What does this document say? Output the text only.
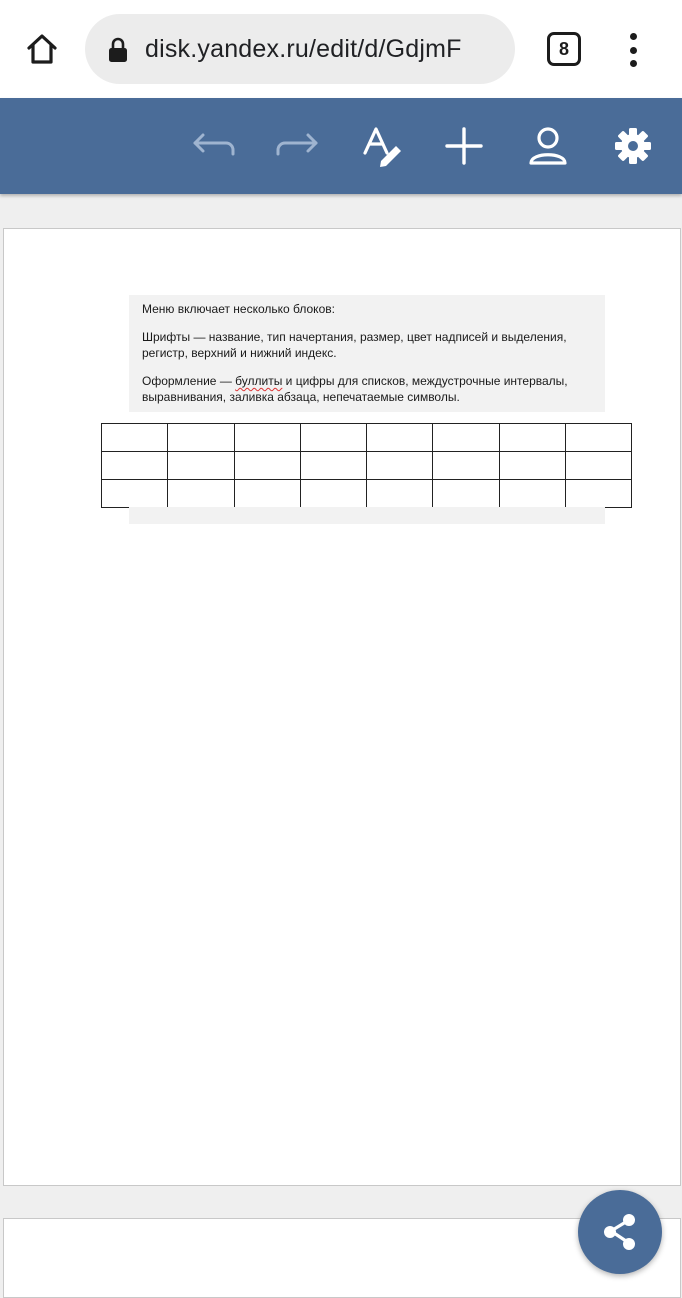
disk.yandex.ru/edit/d/GdjmF	8

Меню включает несколько блоков:

Шрифты — название, тип начертания, размер, цвет надписей и выделения, регистр, верхний и нижний индекс.

Оформление — буллиты и цифры для списков, междустрочные интервалы, выравнивания, заливка абзаца, непечатаемые символы.
